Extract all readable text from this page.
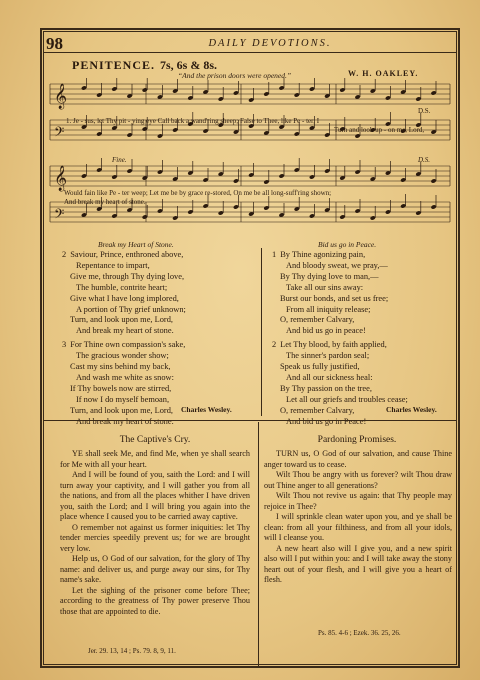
98	DAILY DEVOTIONS.
PENITENCE. 7s, 6s & 8s.
“And the prison doors were opened.”	W. H. OAKLEY.
𝄞
𝄢
𝄞
𝄢
1. Je - sus, let Thy pit - ying eye Call back a wand'ring sheep; False to Thee, like Pe - ter, I
D.S.
Turn and look up - on me, Lord,
Fine.	D.S.
Would fain like Pe - ter weep; Let me be by grace re-stored, On me be all long-suff'ring shown;
And break my heart of stone.
Break my Heart of Stone.	Bid us go in Peace.
2 Saviour, Prince, enthroned above,
Repentance to impart,
Give me, through Thy dying love,
The humble, contrite heart;
Give what I have long implored,
A portion of Thy grief unknown;
Turn, and look upon me, Lord,
And break my heart of stone.
3 For Thine own compassion's sake,
The gracious wonder show;
Cast my sins behind my back,
And wash me white as snow:
If Thy bowels now are stirred,
If now I do myself bemoan,
Turn, and look upon me, Lord,
And break my heart of stone.
1 By Thine agonizing pain,
And bloody sweat, we pray,—
By Thy dying love to man,—
Take all our sins away:
Burst our bonds, and set us free;
From all iniquity release;
O, remember Calvary,
And bid us go in peace!
2 Let Thy blood, by faith applied,
The sinner's pardon seal;
Speak us fully justified,
And all our sickness heal:
By Thy passion on the tree,
Let all our griefs and troubles cease;
O, remember Calvary,
And bid us go in Peace!
Charles Wesley.	Charles Wesley.
The Captive's Cry.

YE shall seek Me, and find Me, when ye shall search for Me with all your heart.

And I will be found of you, saith the Lord: and I will turn away your captivity, and I will gather you from all the nations, and from all the places whither I have driven you, saith the Lord; and I will bring you again into the place whence I caused you to be carried away captive.

O remember not against us former iniquities: let Thy tender mercies speedily prevent us; for we are brought very low.

Help us, O God of our salvation, for the glory of Thy name: and deliver us, and purge away our sins, for Thy name's sake.

Let the sighing of the prisoner come before Thee; according to the greatness of Thy power preserve Thou those that are appointed to die.

Jer. 29. 13, 14 ; Ps. 79. 8, 9, 11.
Pardoning Promises.

TURN us, O God of our salvation, and cause Thine anger toward us to cease.

Wilt Thou be angry with us forever? wilt Thou draw out Thine anger to all generations?

Wilt Thou not revive us again: that Thy people may rejoice in Thee?

I will sprinkle clean water upon you, and ye shall be clean: from all your filthiness, and from all your idols, will I cleanse you.

A new heart also will I give you, and a new spirit also will I put within you: and I will take away the stony heart out of your flesh, and I will give you a heart of flesh.

Ps. 85. 4-6 ; Ezek. 36. 25, 26.
